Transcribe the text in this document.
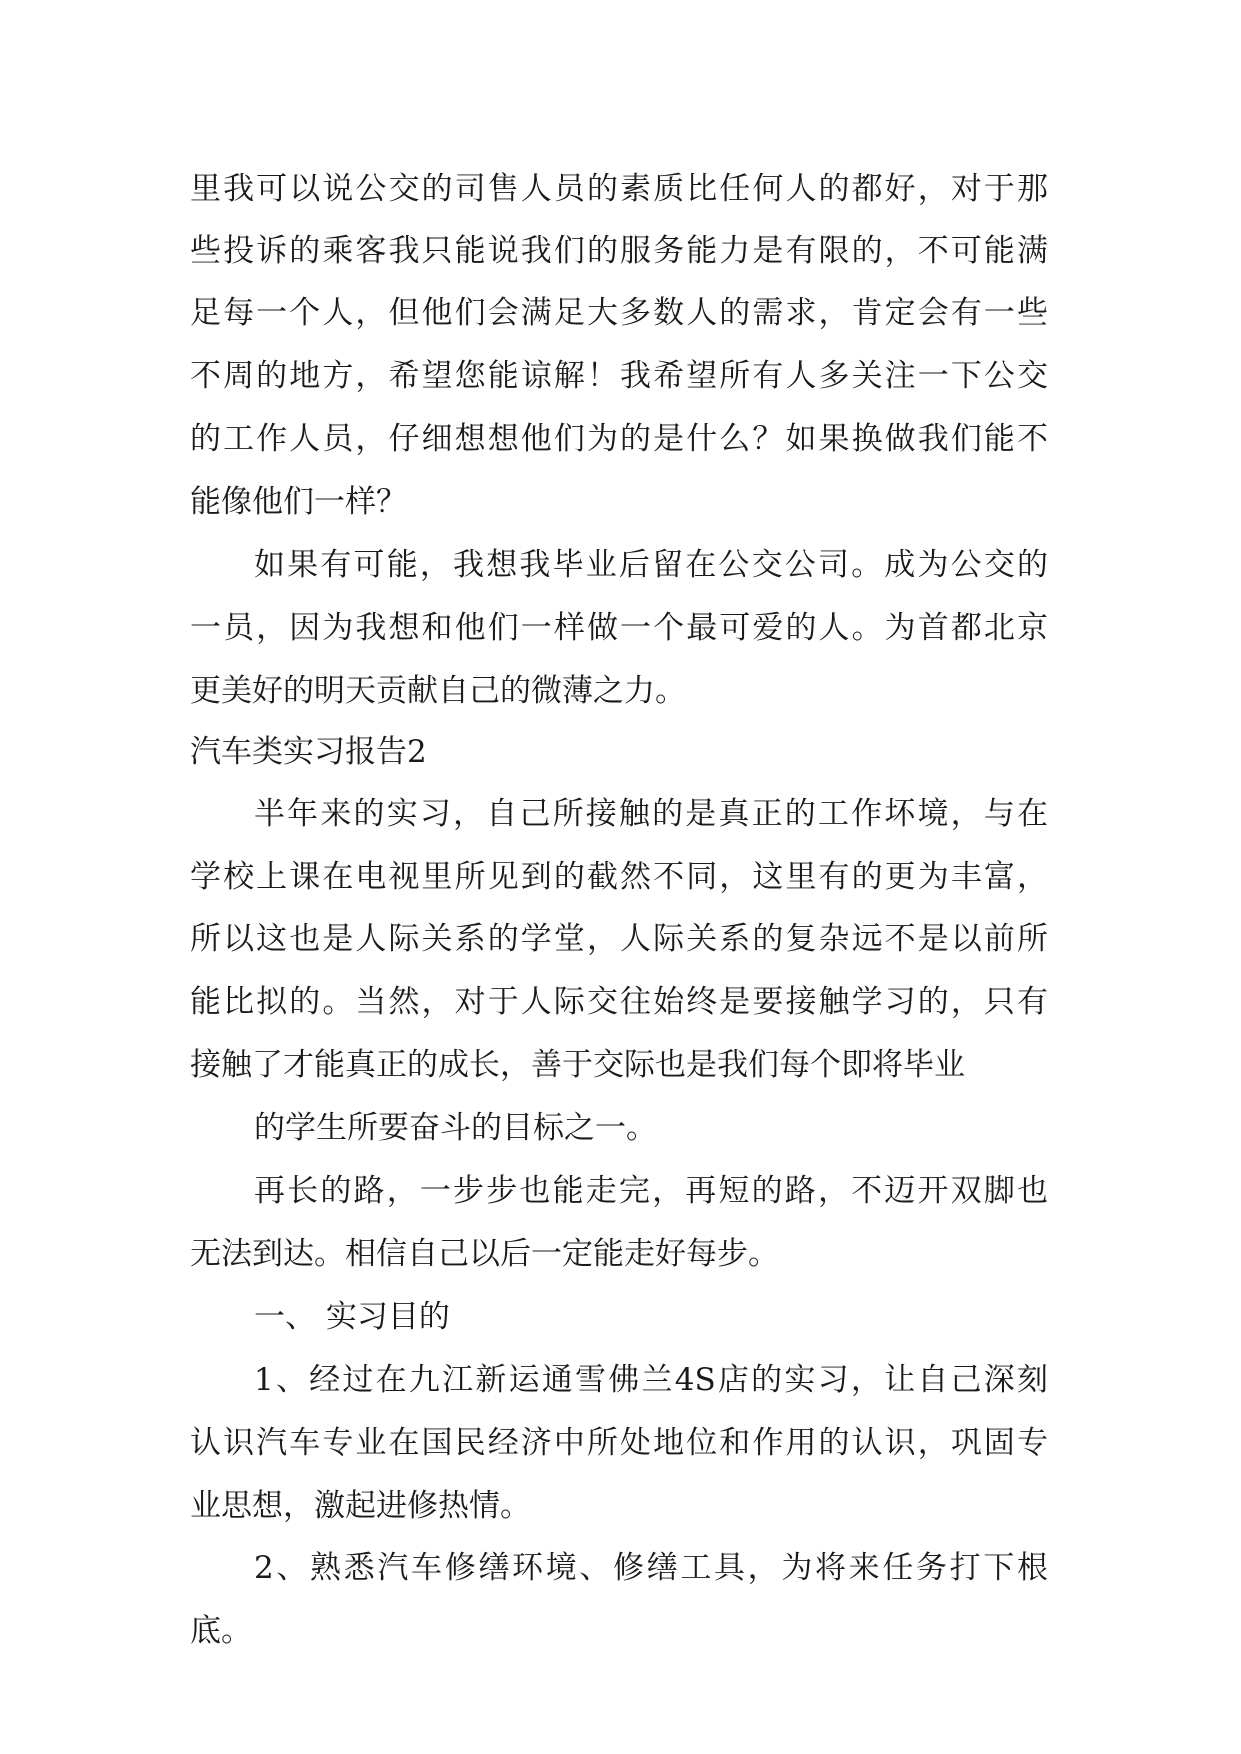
里我可以说公交的司售人员的素质比任何人的都好，对于那
些投诉的乘客我只能说我们的服务能力是有限的，不可能满
足每一个人，但他们会满足大多数人的需求，肯定会有一些
不周的地方，希望您能谅解！我希望所有人多关注一下公交
的工作人员，仔细想想他们为的是什么？如果换做我们能不
能像他们一样？
如果有可能，我想我毕业后留在公交公司。成为公交的
一员，因为我想和他们一样做一个最可爱的人。为首都北京
更美好的明天贡献自己的微薄之力。
汽车类实习报告2
半年来的实习，自己所接触的是真正的工作坏境，与在
学校上课在电视里所见到的截然不同，这里有的更为丰富，
所以这也是人际关系的学堂，人际关系的复杂远不是以前所
能比拟的。当然，对于人际交往始终是要接触学习的，只有
接触了才能真正的成长，善于交际也是我们每个即将毕业
的学生所要奋斗的目标之一。
再长的路，一步步也能走完，再短的路，不迈开双脚也
无法到达。相信自己以后一定能走好每步。
一、 实习目的
1、经过在九江新运通雪佛兰4S店的实习，让自己深刻
认识汽车专业在国民经济中所处地位和作用的认识，巩固专
业思想，激起进修热情。
2、熟悉汽车修缮环境、修缮工具，为将来任务打下根
底。
